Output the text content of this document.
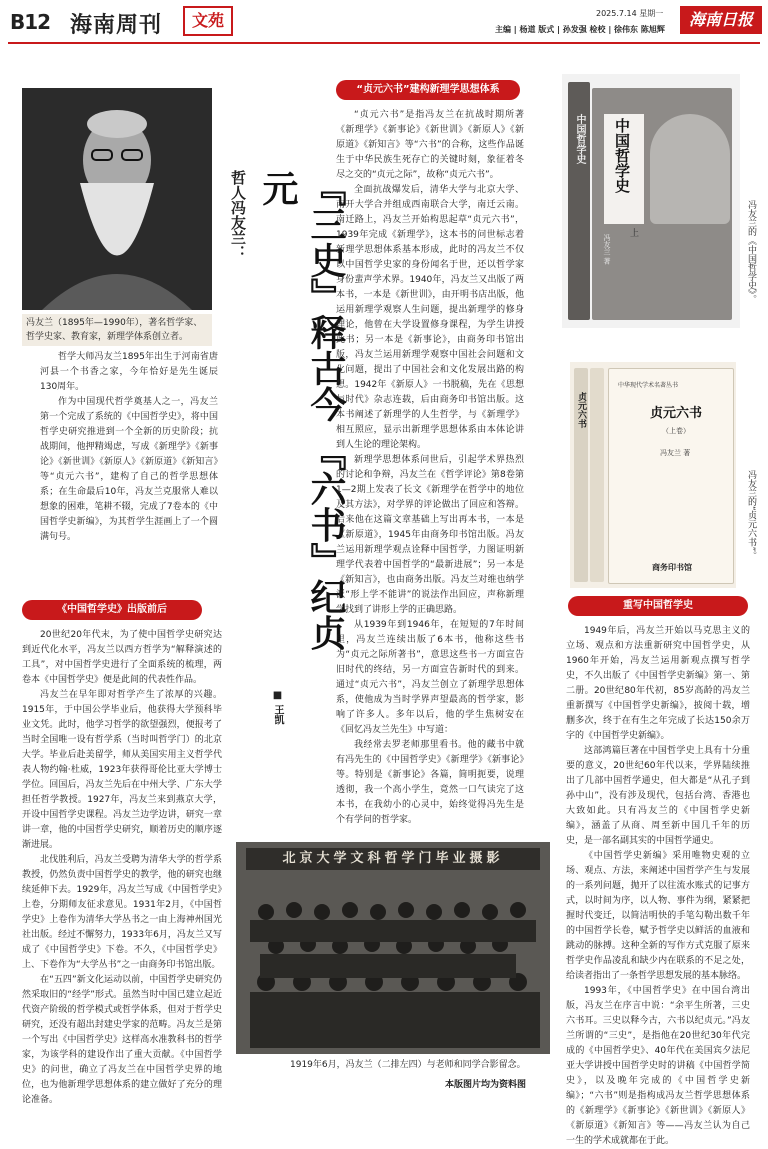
B12 海南周刊	文苑	2025.7.14 星期一
主编 | 杨道 版式 | 孙发强 检校 | 徐伟东 陈旭辉
海南日报
冯友兰（1895年—1990年），著名哲学家、哲学史家、教育家，新理学体系创立者。

哲学大师冯友兰1895年出生于河南省唐河县一个书香之家，今年恰好是先生诞辰130周年。

作为中国现代哲学奠基人之一，冯友兰第一个完成了系统的《中国哲学史》，将中国哲学史研究推进到一个全新的历史阶段；抗战期间，他押精竭虑，写成《新理学》《新事论》《新世训》《新原人》《新原道》《新知言》等“贞元六书”，建构了自己的哲学思想体系；在生命最后10年，冯友兰克服常人难以想象的困难，笔耕不辍，完成了7卷本的《中国哲学史新编》，为其哲学生涯画上了一个圆满句号。

哲人冯友兰：	『三史』释古今 『六书』纪贞元
■ 王凯
《中国哲学史》出版前后

20世纪20年代末，为了使中国哲学史研究达到近代化水平，冯友兰以西方哲学为“解释演述的工具”，对中国哲学史进行了全面系统的梳理，两卷本《中国哲学史》便是此间的代表性作品。

冯友兰在早年即对哲学产生了浓厚的兴趣。1915年，于中国公学毕业后，他获得大学预科毕业文凭。此时，他学习哲学的欲望强烈，便报考了当时全国唯一设有哲学系（当时叫哲学门）的北京大学。毕业后赴美留学，师从美国实用主义哲学代表人物约翰·杜威，1923年获得哥伦比亚大学博士学位。回国后，冯友兰先后在中州大学、广东大学担任哲学教授。1927年，冯友兰来到燕京大学，开设中国哲学史课程。冯友兰边学边讲，研究一章讲一章，他的中国哲学史研究，顺着历史的顺序逐渐进展。

北伐胜利后，冯友兰受聘为清华大学的哲学系教授，仍然负责中国哲学史的教学，他的研究也继续延伸下去。1929年，冯友兰写成《中国哲学史》上卷，分期师友征求意见。1931年2月，《中国哲学史》上卷作为清华大学丛书之一由上海神州国光社出版。经过不懈努力，1933年6月，冯友兰又写成了《中国哲学史》下卷。不久，《中国哲学史》上、下卷作为“大学丛书”之一由商务印书馆出版。

在“五四”新文化运动以前，中国哲学史研究仍然采取旧的“经学”形式。虽然当时中国已建立起近代资产阶级的哲学模式或哲学体系，但对于哲学史研究，还没有超出封建史学家的范畴。冯友兰是第一个写出《中国哲学史》这样高水准教科书的哲学家，为该学科的建设作出了重大贡献。《中国哲学史》的问世，确立了冯友兰在中国哲学史界的地位，也为他新理学思想体系的建立做好了充分的理论准备。

“贞元六书”建构新理学思想体系

“贞元六书”是指冯友兰在抗战时期所著《新理学》《新事论》《新世训》《新原人》《新原道》《新知言》等“六书”的合称，这些作品诞生于中华民族生死存亡的关键时刻，象征着冬尽之交的“贞元之际”，故称“贞元六书”。

全面抗战爆发后，清华大学与北京大学、南开大学合并组成西南联合大学，南迁云南。南迁路上，冯友兰开始构思起草“贞元六书”，1939年完成《新理学》，这本书的问世标志着新理学思想体系基本形成，此时的冯友兰不仅以中国哲学史家的身份闻名于世，还以哲学家身份蜚声学术界。1940年，冯友兰又出版了两本书，一本是《新世训》，由开明书店出版，他运用新理学观察人生问题，提出新理学的修身理论，他曾在大学设置修身课程，为学生讲授此书；另一本是《新事论》，由商务印书馆出版，冯友兰运用新理学观察中国社会问题和文化问题，提出了中国社会和文化发展出路的构想。1942年《新原人》一书脱稿，先在《思想与时代》杂志连载，后由商务印书馆出版。这本书阐述了新理学的人生哲学，与《新理学》相互照应，显示出新理学思想体系由本体论讲到人生论的理论架构。

新理学思想体系问世后，引起学术界热烈的讨论和争辩，冯友兰在《哲学评论》第8卷第1—2期上发表了长文《新理学在哲学中的地位及其方法》，对学界的评论做出了回应和答辩。后来他在这篇文章基础上写出再本书，一本是《新原道》，1945年由商务印书馆出版。冯友兰运用新理学观点诠释中国哲学，力图证明新理学代表着中国哲学的“最新进展”；另一本是《新知言》，也由商务出版。冯友兰对维也纳学派“形上学不能讲”的说法作出回应，声称新理学找到了讲形上学的正确思路。

从1939年到1946年，在短短的7年时间里，冯友兰连续出版了6本书，他称这些书为“贞元之际所著书”，意思这些书一方面宣告旧时代的终结，另一方面宣告新时代的到来。通过“贞元六书”，冯友兰创立了新理学思想体系，使他成为当时学界声望最高的哲学家，影响了许多人。多年以后，他的学生焦树安在《回忆冯友兰先生》中写道：

我经常去罗老师那里看书。他的藏书中就有冯先生的《中国哲学史》《新理学》《新事论》等。特别是《新事论》各篇，简明扼要，说理透彻，我一个高小学生，竟然一口气读完了这本书，在我幼小的心灵中，始终觉得冯先生是个有学问的哲学家。

中国哲学史 中国哲学史
上
冯友兰 著	冯友兰的《中国哲学史》。
贞元六书
中华现代学术名著丛书
贞元六书
（上卷）
冯友兰 著
商务印书馆
冯友兰的“贞元六书”。
重写中国哲学史

1949年后，冯友兰开始以马克思主义的立场、观点和方法重新研究中国哲学史，从1960年开始，冯友兰运用新观点撰写哲学史，不久出版了《中国哲学史新编》第一、第二册。20世纪80年代初，85岁高龄的冯友兰重新撰写《中国哲学史新编》，披阅十载，增删多次，终于在有生之年完成了长达150余万字的《中国哲学史新编》。

这部鸿篇巨著在中国哲学史上具有十分重要的意义，20世纪60年代以来，学界陆续推出了几部中国哲学通史，但大都是“从孔子到孙中山”，没有涉及现代，包括台湾、香港也大致如此。只有冯友兰的《中国哲学史新编》，涵盖了从商、周至新中国几千年的历史，是一部名副其实的中国哲学通史。

《中国哲学史新编》采用唯物史观的立场、观点、方法，来阐述中国哲学产生与发展的一系列问题，抛开了以往流水账式的记事方式，以时间为序，以人物、事件为纲，紧紧把握时代变迁，以简洁明快的手笔勾勒出数千年的中国哲学长卷，赋予哲学史以鲜活的血液和跳动的脉搏。这种全新的写作方式克服了原来哲学史作品凌乱和缺少内在联系的不足之处，给读者指出了一条哲学思想发展的基本脉络。

1993年，《中国哲学史》在中国台湾出版，冯友兰在序言中说：“余平生所著，三史六书耳。三史以释今古，六书以纪贞元。”冯友兰所谓的“三史”，是指他在20世纪30年代完成的《中国哲学史》、40年代在美国宾夕法尼亚大学讲授中国哲学史时的讲稿《中国哲学简史》，以及晚年完成的《中国哲学史新编》；“六书”则是指构成冯友兰哲学思想体系的《新理学》《新事论》《新世训》《新原人》《新原道》《新知言》等——冯友兰认为自己一生的学术成就都在于此。

北京大学文科哲学门毕业摄影
1919年6月，冯友兰（二排左四）与老师和同学合影留念。
本版图片均为资料图
